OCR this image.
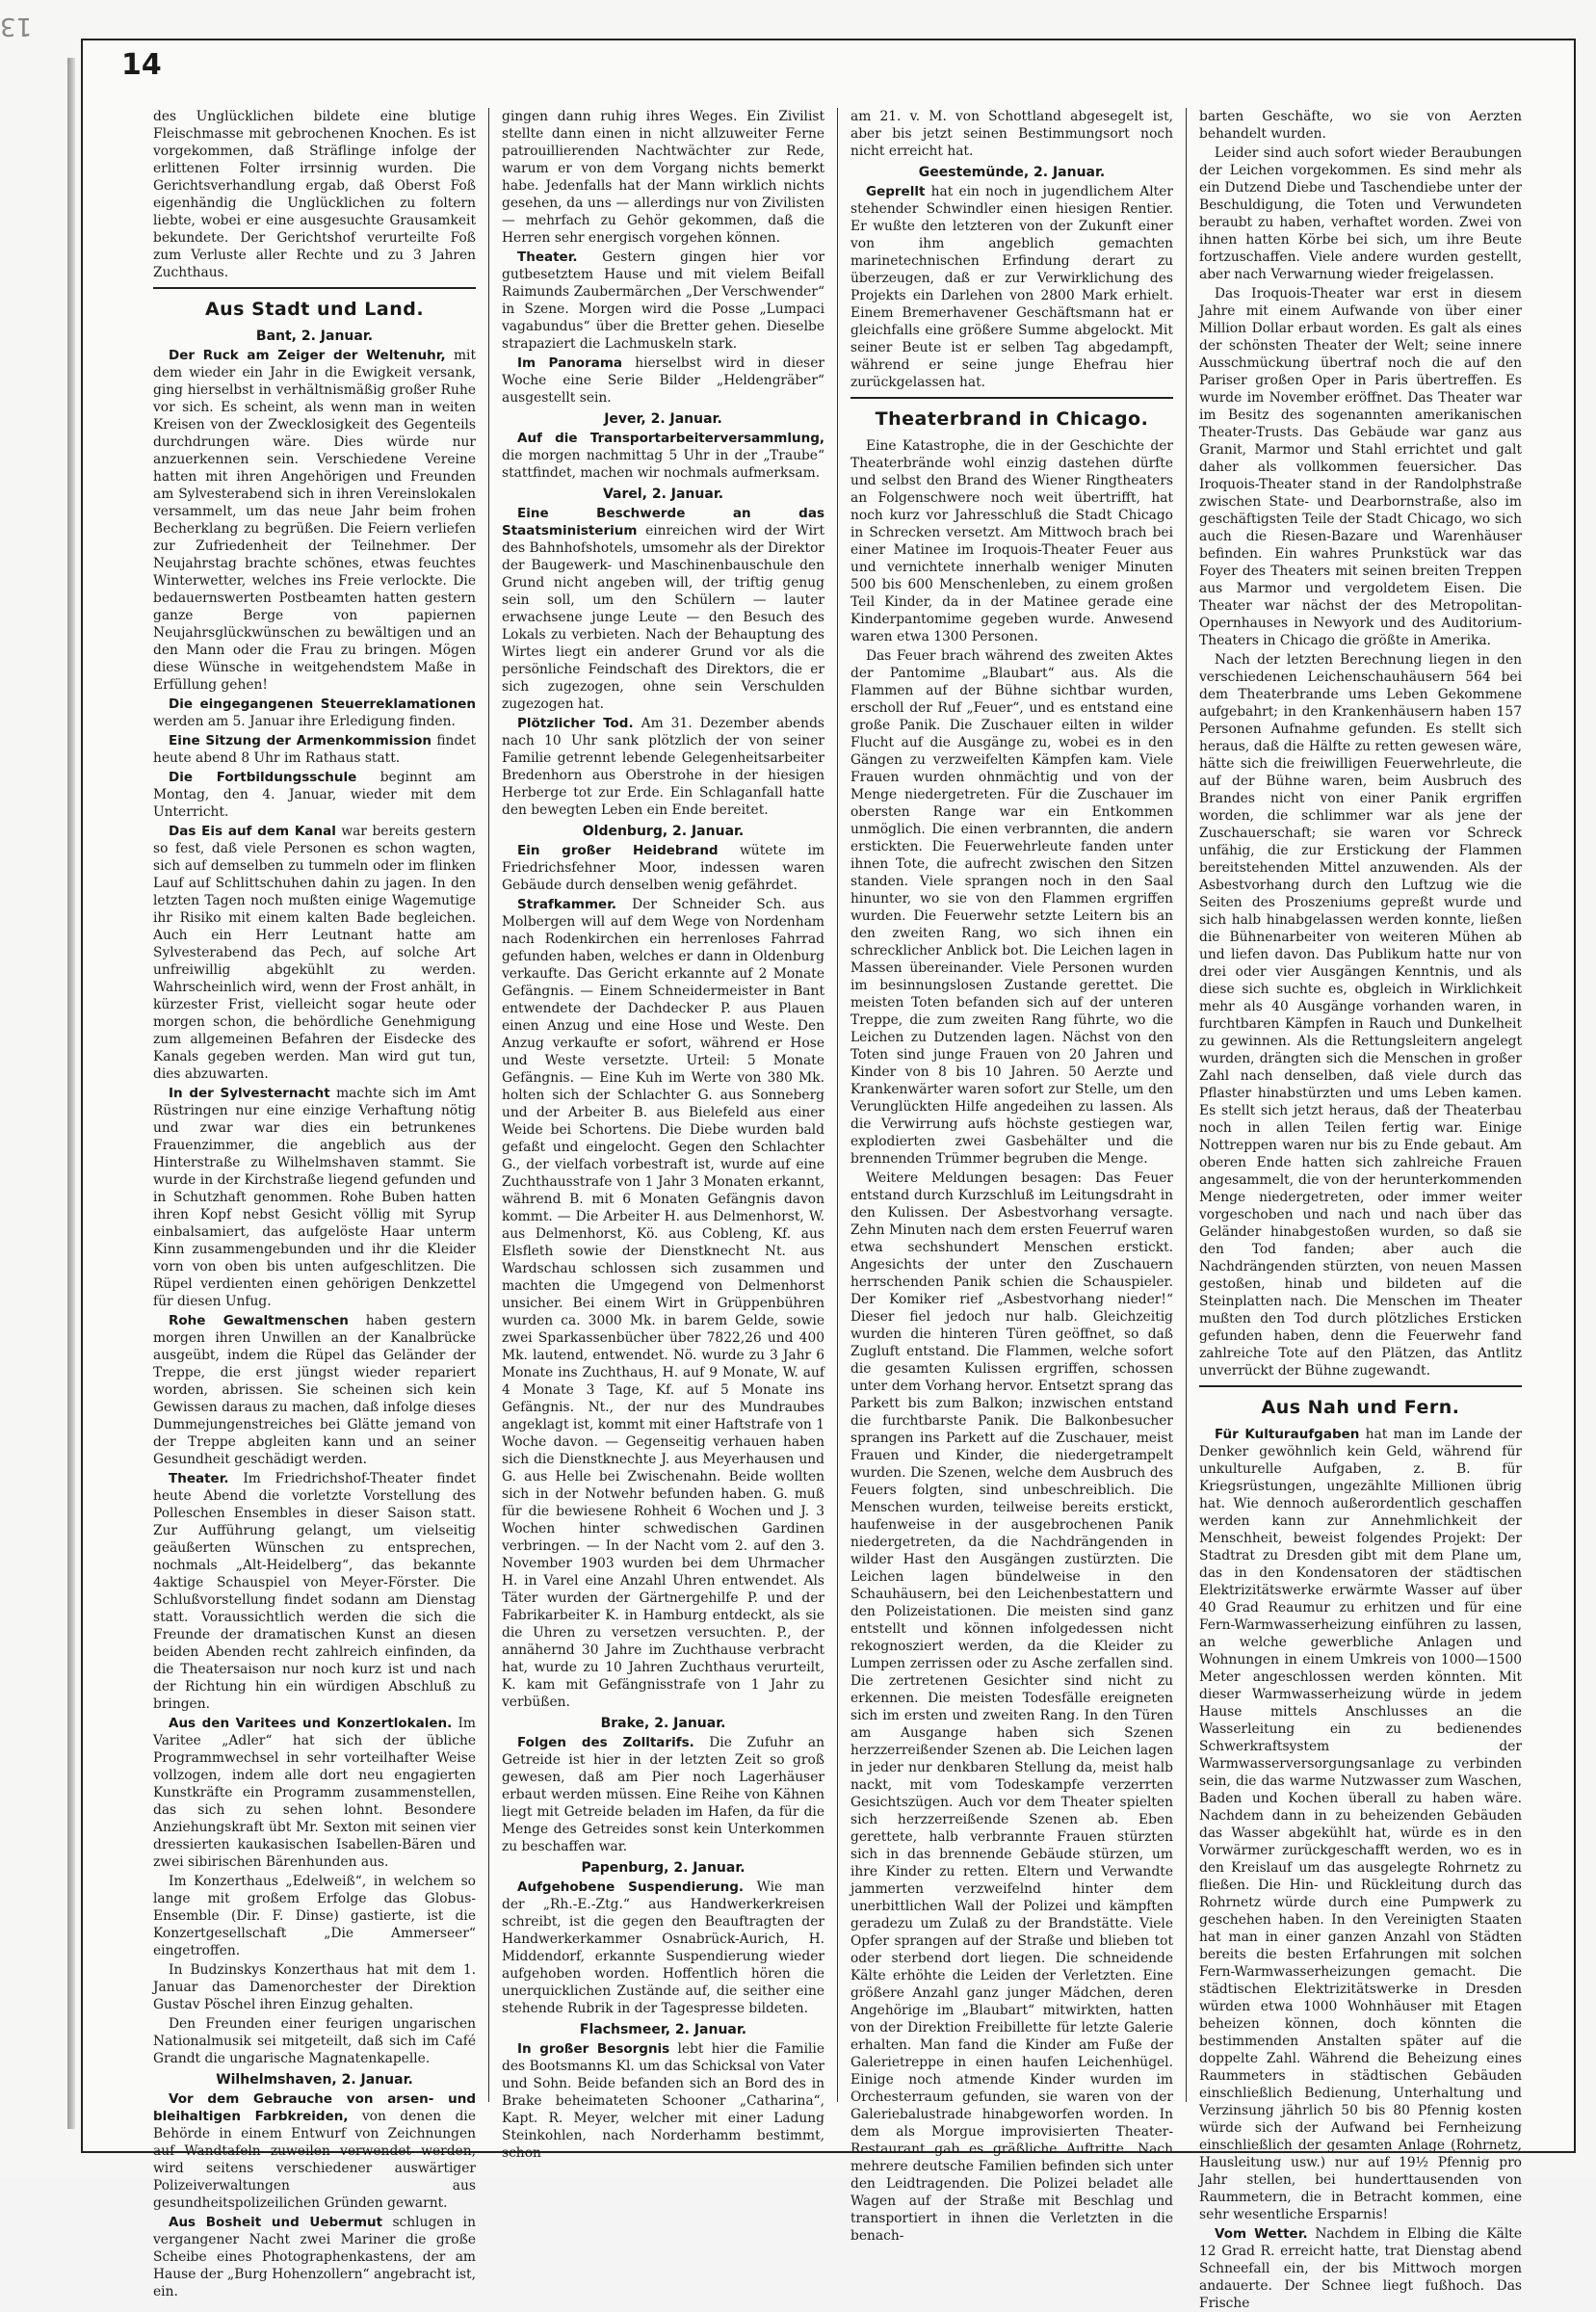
13
14

des Unglücklichen bildete eine blutige Fleischmasse mit gebrochenen Knochen. Es ist vorgekommen, daß Sträflinge infolge der erlittenen Folter irrsinnig wurden. Die Gerichtsverhandlung ergab, daß Oberst Foß eigenhändig die Unglücklichen zu foltern liebte, wobei er eine ausgesuchte Grausamkeit bekundete. Der Gerichtshof verurteilte Foß zum Verluste aller Rechte und zu 3 Jahren Zuchthaus.

Aus Stadt und Land.
Bant, 2. Januar.

Der Ruck am Zeiger der Weltenuhr, mit dem wieder ein Jahr in die Ewigkeit versank, ging hierselbst in verhältnismäßig großer Ruhe vor sich. Es scheint, als wenn man in weiten Kreisen von der Zwecklosigkeit des Gegenteils durchdrungen wäre. Dies würde nur anzuerkennen sein. Verschiedene Vereine hatten mit ihren Angehörigen und Freunden am Sylvesterabend sich in ihren Vereinslokalen versammelt, um das neue Jahr beim frohen Becherklang zu begrüßen. Die Feiern verliefen zur Zufriedenheit der Teilnehmer. Der Neujahrstag brachte schönes, etwas feuchtes Winterwetter, welches ins Freie verlockte. Die bedauernswerten Postbeamten hatten gestern ganze Berge von papiernen Neujahrsglückwünschen zu bewältigen und an den Mann oder die Frau zu bringen. Mögen diese Wünsche in weitgehendstem Maße in Erfüllung gehen!

Die eingegangenen Steuerreklamationen werden am 5. Januar ihre Erledigung finden.

Eine Sitzung der Armenkommission findet heute abend 8 Uhr im Rathaus statt.

Die Fortbildungsschule beginnt am Montag, den 4. Januar, wieder mit dem Unterricht.

Das Eis auf dem Kanal war bereits gestern so fest, daß viele Personen es schon wagten, sich auf demselben zu tummeln oder im flinken Lauf auf Schlittschuhen dahin zu jagen. In den letzten Tagen noch mußten einige Wagemutige ihr Risiko mit einem kalten Bade begleichen. Auch ein Herr Leutnant hatte am Sylvesterabend das Pech, auf solche Art unfreiwillig abgekühlt zu werden. Wahrscheinlich wird, wenn der Frost anhält, in kürzester Frist, vielleicht sogar heute oder morgen schon, die behördliche Genehmigung zum allgemeinen Befahren der Eisdecke des Kanals gegeben werden. Man wird gut tun, dies abzuwarten.

In der Sylvesternacht machte sich im Amt Rüstringen nur eine einzige Verhaftung nötig und zwar war dies ein betrunkenes Frauenzimmer, die angeblich aus der Hinterstraße zu Wilhelmshaven stammt. Sie wurde in der Kirchstraße liegend gefunden und in Schutzhaft genommen. Rohe Buben hatten ihren Kopf nebst Gesicht völlig mit Syrup einbalsamiert, das aufgelöste Haar unterm Kinn zusammengebunden und ihr die Kleider vorn von oben bis unten aufgeschlitzen. Die Rüpel verdienten einen gehörigen Denkzettel für diesen Unfug.

Rohe Gewaltmenschen haben gestern morgen ihren Unwillen an der Kanalbrücke ausgeübt, indem die Rüpel das Geländer der Treppe, die erst jüngst wieder repariert worden, abrissen. Sie scheinen sich kein Gewissen daraus zu machen, daß infolge dieses Dummejungenstreiches bei Glätte jemand von der Treppe abgleiten kann und an seiner Gesundheit geschädigt werden.

Theater. Im Friedrichshof-Theater findet heute Abend die vorletzte Vorstellung des Polleschen Ensembles in dieser Saison statt. Zur Aufführung gelangt, um vielseitig geäußerten Wünschen zu entsprechen, nochmals „Alt-Heidelberg“, das bekannte 4aktige Schauspiel von Meyer-Förster. Die Schlußvorstellung findet sodann am Dienstag statt. Voraussichtlich werden die sich die Freunde der dramatischen Kunst an diesen beiden Abenden recht zahlreich einfinden, da die Theatersaison nur noch kurz ist und nach der Richtung hin ein würdigen Abschluß zu bringen.

Aus den Varitees und Konzertlokalen. Im Varitee „Adler“ hat sich der übliche Programmwechsel in sehr vorteilhafter Weise vollzogen, indem alle dort neu engagierten Kunstkräfte ein Programm zusammenstellen, das sich zu sehen lohnt. Besondere Anziehungskraft übt Mr. Sexton mit seinen vier dressierten kaukasischen Isabellen-Bären und zwei sibirischen Bärenhunden aus.

Im Konzerthaus „Edelweiß“, in welchem so lange mit großem Erfolge das Globus-Ensemble (Dir. F. Dinse) gastierte, ist die Konzertgesellschaft „Die Ammerseer“ eingetroffen.

In Budzinskys Konzerthaus hat mit dem 1. Januar das Damenorchester der Direktion Gustav Pöschel ihren Einzug gehalten.

Den Freunden einer feurigen ungarischen Nationalmusik sei mitgeteilt, daß sich im Café Grandt die ungarische Magnatenkapelle.

Wilhelmshaven, 2. Januar.

Vor dem Gebrauche von arsen- und bleihaltigen Farbkreiden, von denen die Behörde in einem Entwurf von Zeichnungen auf Wandtafeln zuweilen verwendet werden, wird seitens verschiedener auswärtiger Polizeiverwaltungen aus gesundheitspolizeilichen Gründen gewarnt.

Aus Bosheit und Uebermut schlugen in vergangener Nacht zwei Mariner die große Scheibe eines Photographenkastens, der am Hause der „Burg Hohenzollern“ angebracht ist, ein.

gingen dann ruhig ihres Weges. Ein Zivilist stellte dann einen in nicht allzuweiter Ferne patrouillierenden Nachtwächter zur Rede, warum er von dem Vorgang nichts bemerkt habe. Jedenfalls hat der Mann wirklich nichts gesehen, da uns — allerdings nur von Zivilisten — mehrfach zu Gehör gekommen, daß die Herren sehr energisch vorgehen können.

Theater. Gestern gingen hier vor gutbesetztem Hause und mit vielem Beifall Raimunds Zaubermärchen „Der Verschwender“ in Szene. Morgen wird die Posse „Lumpaci vagabundus“ über die Bretter gehen. Dieselbe strapaziert die Lachmuskeln stark.

Im Panorama hierselbst wird in dieser Woche eine Serie Bilder „Heldengräber“ ausgestellt sein.

Jever, 2. Januar.

Auf die Transportarbeiterversammlung, die morgen nachmittag 5 Uhr in der „Traube“ stattfindet, machen wir nochmals aufmerksam.

Varel, 2. Januar.

Eine Beschwerde an das Staatsministerium einreichen wird der Wirt des Bahnhofshotels, umsomehr als der Direktor der Baugewerk- und Maschinenbauschule den Grund nicht angeben will, der triftig genug sein soll, um den Schülern — lauter erwachsene junge Leute — den Besuch des Lokals zu verbieten. Nach der Behauptung des Wirtes liegt ein anderer Grund vor als die persönliche Feindschaft des Direktors, die er sich zugezogen, ohne sein Verschulden zugezogen hat.

Plötzlicher Tod. Am 31. Dezember abends nach 10 Uhr sank plötzlich der von seiner Familie getrennt lebende Gelegenheitsarbeiter Bredenhorn aus Oberstrohe in der hiesigen Herberge tot zur Erde. Ein Schlaganfall hatte den bewegten Leben ein Ende bereitet.

Oldenburg, 2. Januar.

Ein großer Heidebrand wütete im Friedrichsfehner Moor, indessen waren Gebäude durch denselben wenig gefährdet.

Strafkammer. Der Schneider Sch. aus Molbergen will auf dem Wege von Nordenham nach Rodenkirchen ein herrenloses Fahrrad gefunden haben, welches er dann in Oldenburg verkaufte. Das Gericht erkannte auf 2 Monate Gefängnis. — Einem Schneidermeister in Bant entwendete der Dachdecker P. aus Plauen einen Anzug und eine Hose und Weste. Den Anzug verkaufte er sofort, während er Hose und Weste versetzte. Urteil: 5 Monate Gefängnis. — Eine Kuh im Werte von 380 Mk. holten sich der Schlachter G. aus Sonneberg und der Arbeiter B. aus Bielefeld aus einer Weide bei Schortens. Die Diebe wurden bald gefaßt und eingelocht. Gegen den Schlachter G., der vielfach vorbestraft ist, wurde auf eine Zuchthausstrafe von 1 Jahr 3 Monaten erkannt, während B. mit 6 Monaten Gefängnis davon kommt. — Die Arbeiter H. aus Delmenhorst, W. aus Delmenhorst, Kö. aus Cobleng, Kf. aus Elsfleth sowie der Dienstknecht Nt. aus Wardschau schlossen sich zusammen und machten die Umgegend von Delmenhorst unsicher. Bei einem Wirt in Grüppenbühren wurden ca. 3000 Mk. in barem Gelde, sowie zwei Sparkassenbücher über 7822,26 und 400 Mk. lautend, entwendet. Nö. wurde zu 3 Jahr 6 Monate ins Zuchthaus, H. auf 9 Monate, W. auf 4 Monate 3 Tage, Kf. auf 5 Monate ins Gefängnis. Nt., der nur des Mundraubes angeklagt ist, kommt mit einer Haftstrafe von 1 Woche davon. — Gegenseitig verhauen haben sich die Dienstknechte J. aus Meyerhausen und G. aus Helle bei Zwischenahn. Beide wollten sich in der Notwehr befunden haben. G. muß für die bewiesene Rohheit 6 Wochen und J. 3 Wochen hinter schwedischen Gardinen verbringen. — In der Nacht vom 2. auf den 3. November 1903 wurden bei dem Uhrmacher H. in Varel eine Anzahl Uhren entwendet. Als Täter wurden der Gärtnergehilfe P. und der Fabrikarbeiter K. in Hamburg entdeckt, als sie die Uhren zu versetzen versuchten. P., der annähernd 30 Jahre im Zuchthause verbracht hat, wurde zu 10 Jahren Zuchthaus verurteilt, K. kam mit Gefängnisstrafe von 1 Jahr zu verbüßen.

Brake, 2. Januar.

Folgen des Zolltarifs. Die Zufuhr an Getreide ist hier in der letzten Zeit so groß gewesen, daß am Pier noch Lagerhäuser erbaut werden müssen. Eine Reihe von Kähnen liegt mit Getreide beladen im Hafen, da für die Menge des Getreides sonst kein Unterkommen zu beschaffen war.

Papenburg, 2. Januar.

Aufgehobene Suspendierung. Wie man der „Rh.-E.-Ztg.“ aus Handwerkerkreisen schreibt, ist die gegen den Beauftragten der Handwerkerkammer Osnabrück-Aurich, H. Middendorf, erkannte Suspendierung wieder aufgehoben worden. Hoffentlich hören die unerquicklichen Zustände auf, die seither eine stehende Rubrik in der Tagespresse bildeten.

Flachsmeer, 2. Januar.

In großer Besorgnis lebt hier die Familie des Bootsmanns Kl. um das Schicksal von Vater und Sohn. Beide befanden sich an Bord des in Brake beheimateten Schooner „Catharina“, Kapt. R. Meyer, welcher mit einer Ladung Steinkohlen, nach Norderhamm bestimmt, schon

am 21. v. M. von Schottland abgesegelt ist, aber bis jetzt seinen Bestimmungsort noch nicht erreicht hat.

Geestemünde, 2. Januar.

Geprellt hat ein noch in jugendlichem Alter stehender Schwindler einen hiesigen Rentier. Er wußte den letzteren von der Zukunft einer von ihm angeblich gemachten marinetechnischen Erfindung derart zu überzeugen, daß er zur Verwirklichung des Projekts ein Darlehen von 2800 Mark erhielt. Einem Bremerhavener Geschäftsmann hat er gleichfalls eine größere Summe abgelockt. Mit seiner Beute ist er selben Tag abgedampft, während er seine junge Ehefrau hier zurückgelassen hat.

Theaterbrand in Chicago.

Eine Katastrophe, die in der Geschichte der Theaterbrände wohl einzig dastehen dürfte und selbst den Brand des Wiener Ringtheaters an Folgenschwere noch weit übertrifft, hat noch kurz vor Jahresschluß die Stadt Chicago in Schrecken versetzt. Am Mittwoch brach bei einer Matinee im Iroquois-Theater Feuer aus und vernichtete innerhalb weniger Minuten 500 bis 600 Menschenleben, zu einem großen Teil Kinder, da in der Matinee gerade eine Kinderpantomime gegeben wurde. Anwesend waren etwa 1300 Personen.

Das Feuer brach während des zweiten Aktes der Pantomime „Blaubart“ aus. Als die Flammen auf der Bühne sichtbar wurden, erscholl der Ruf „Feuer“, und es entstand eine große Panik. Die Zuschauer eilten in wilder Flucht auf die Ausgänge zu, wobei es in den Gängen zu verzweifelten Kämpfen kam. Viele Frauen wurden ohnmächtig und von der Menge niedergetreten. Für die Zuschauer im obersten Range war ein Entkommen unmöglich. Die einen verbrannten, die andern erstickten. Die Feuerwehrleute fanden unter ihnen Tote, die aufrecht zwischen den Sitzen standen. Viele sprangen noch in den Saal hinunter, wo sie von den Flammen ergriffen wurden. Die Feuerwehr setzte Leitern bis an den zweiten Rang, wo sich ihnen ein schrecklicher Anblick bot. Die Leichen lagen in Massen übereinander. Viele Personen wurden im besinnungslosen Zustande gerettet. Die meisten Toten befanden sich auf der unteren Treppe, die zum zweiten Rang führte, wo die Leichen zu Dutzenden lagen. Nächst von den Toten sind junge Frauen von 20 Jahren und Kinder von 8 bis 10 Jahren. 50 Aerzte und Krankenwärter waren sofort zur Stelle, um den Verunglückten Hilfe angedeihen zu lassen. Als die Verwirrung aufs höchste gestiegen war, explodierten zwei Gasbehälter und die brennenden Trümmer begruben die Menge.

Weitere Meldungen besagen: Das Feuer entstand durch Kurzschluß im Leitungsdraht in den Kulissen. Der Asbestvorhang versagte. Zehn Minuten nach dem ersten Feuerruf waren etwa sechshundert Menschen erstickt. Angesichts der unter den Zuschauern herrschenden Panik schien die Schauspieler. Der Komiker rief „Asbestvorhang nieder!“ Dieser fiel jedoch nur halb. Gleichzeitig wurden die hinteren Türen geöffnet, so daß Zugluft entstand. Die Flammen, welche sofort die gesamten Kulissen ergriffen, schossen unter dem Vorhang hervor. Entsetzt sprang das Parkett bis zum Balkon; inzwischen entstand die furchtbarste Panik. Die Balkonbesucher sprangen ins Parkett auf die Zuschauer, meist Frauen und Kinder, die niedergetrampelt wurden. Die Szenen, welche dem Ausbruch des Feuers folgten, sind unbeschreiblich. Die Menschen wurden, teilweise bereits erstickt, haufenweise in der ausgebrochenen Panik niedergetreten, da die Nachdrängenden in wilder Hast den Ausgängen zustürzten. Die Leichen lagen bündelweise in den Schauhäusern, bei den Leichenbestattern und den Polizeistationen. Die meisten sind ganz entstellt und können infolgedessen nicht rekognosziert werden, da die Kleider zu Lumpen zerrissen oder zu Asche zerfallen sind. Die zertretenen Gesichter sind nicht zu erkennen. Die meisten Todesfälle ereigneten sich im ersten und zweiten Rang. In den Türen am Ausgange haben sich Szenen herzzerreißender Szenen ab. Die Leichen lagen in jeder nur denkbaren Stellung da, meist halb nackt, mit vom Todeskampfe verzerrten Gesichtszügen. Auch vor dem Theater spielten sich herzzerreißende Szenen ab. Eben gerettete, halb verbrannte Frauen stürzten sich in das brennende Gebäude stürzen, um ihre Kinder zu retten. Eltern und Verwandte jammerten verzweifelnd hinter dem unerbittlichen Wall der Polizei und kämpften geradezu um Zulaß zu der Brandstätte. Viele Opfer sprangen auf der Straße und blieben tot oder sterbend dort liegen. Die schneidende Kälte erhöhte die Leiden der Verletzten. Eine größere Anzahl ganz junger Mädchen, deren Angehörige im „Blaubart“ mitwirkten, hatten von der Direktion Freibillette für letzte Galerie erhalten. Man fand die Kinder am Fuße der Galerietreppe in einen haufen Leichenhügel. Einige noch atmende Kinder wurden im Orchesterraum gefunden, sie waren von der Galeriebalustrade hinabgeworfen worden. In dem als Morgue improvisierten Theater-Restaurant gab es gräßliche Auftritte. Nach mehrere deutsche Familien befinden sich unter den Leidtragenden. Die Polizei beladet alle Wagen auf der Straße mit Beschlag und transportiert in ihnen die Verletzten in die benach-

barten Geschäfte, wo sie von Aerzten behandelt wurden.

Leider sind auch sofort wieder Beraubungen der Leichen vorgekommen. Es sind mehr als ein Dutzend Diebe und Taschendiebe unter der Beschuldigung, die Toten und Verwundeten beraubt zu haben, verhaftet worden. Zwei von ihnen hatten Körbe bei sich, um ihre Beute fortzuschaffen. Viele andere wurden gestellt, aber nach Verwarnung wieder freigelassen.

Das Iroquois-Theater war erst in diesem Jahre mit einem Aufwande von über einer Million Dollar erbaut worden. Es galt als eines der schönsten Theater der Welt; seine innere Ausschmückung übertraf noch die auf den Pariser großen Oper in Paris übertreffen. Es wurde im November eröffnet. Das Theater war im Besitz des sogenannten amerikanischen Theater-Trusts. Das Gebäude war ganz aus Granit, Marmor und Stahl errichtet und galt daher als vollkommen feuersicher. Das Iroquois-Theater stand in der Randolphstraße zwischen State- und Dearbornstraße, also im geschäftigsten Teile der Stadt Chicago, wo sich auch die Riesen-Bazare und Warenhäuser befinden. Ein wahres Prunkstück war das Foyer des Theaters mit seinen breiten Treppen aus Marmor und vergoldetem Eisen. Die Theater war nächst der des Metropolitan-Opernhauses in Newyork und des Auditorium-Theaters in Chicago die größte in Amerika.

Nach der letzten Berechnung liegen in den verschiedenen Leichenschauhäusern 564 bei dem Theaterbrande ums Leben Gekommene aufgebahrt; in den Krankenhäusern haben 157 Personen Aufnahme gefunden. Es stellt sich heraus, daß die Hälfte zu retten gewesen wäre, hätte sich die freiwilligen Feuerwehrleute, die auf der Bühne waren, beim Ausbruch des Brandes nicht von einer Panik ergriffen worden, die schlimmer war als jene der Zuschauerschaft; sie waren vor Schreck unfähig, die zur Erstickung der Flammen bereitstehenden Mittel anzuwenden. Als der Asbestvorhang durch den Luftzug wie die Seiten des Proszeniums gepreßt wurde und sich halb hinabgelassen werden konnte, ließen die Bühnenarbeiter von weiteren Mühen ab und liefen davon. Das Publikum hatte nur von drei oder vier Ausgängen Kenntnis, und als diese sich suchte es, obgleich in Wirklichkeit mehr als 40 Ausgänge vorhanden waren, in furchtbaren Kämpfen in Rauch und Dunkelheit zu gewinnen. Als die Rettungsleitern angelegt wurden, drängten sich die Menschen in großer Zahl nach denselben, daß viele durch das Pflaster hinabstürzten und ums Leben kamen. Es stellt sich jetzt heraus, daß der Theaterbau noch in allen Teilen fertig war. Einige Nottreppen waren nur bis zu Ende gebaut. Am oberen Ende hatten sich zahlreiche Frauen angesammelt, die von der herunterkommenden Menge niedergetreten, oder immer weiter vorgeschoben und nach und nach über das Geländer hinabgestoßen wurden, so daß sie den Tod fanden; aber auch die Nachdrängenden stürzten, von neuen Massen gestoßen, hinab und bildeten auf die Steinplatten nach. Die Menschen im Theater mußten den Tod durch plötzliches Ersticken gefunden haben, denn die Feuerwehr fand zahlreiche Tote auf den Plätzen, das Antlitz unverrückt der Bühne zugewandt.

Aus Nah und Fern.

Für Kulturaufgaben hat man im Lande der Denker gewöhnlich kein Geld, während für unkulturelle Aufgaben, z. B. für Kriegsrüstungen, ungezählte Millionen übrig hat. Wie dennoch außerordentlich geschaffen werden kann zur Annehmlichkeit der Menschheit, beweist folgendes Projekt: Der Stadtrat zu Dresden gibt mit dem Plane um, das in den Kondensatoren der städtischen Elektrizitätswerke erwärmte Wasser auf über 40 Grad Reaumur zu erhitzen und für eine Fern-Warmwasserheizung einführen zu lassen, an welche gewerbliche Anlagen und Wohnungen in einem Umkreis von 1000—1500 Meter angeschlossen werden könnten. Mit dieser Warmwasserheizung würde in jedem Hause mittels Anschlusses an die Wasserleitung ein zu bedienendes Schwerkraftsystem der Warmwasserversorgungsanlage zu verbinden sein, die das warme Nutzwasser zum Waschen, Baden und Kochen überall zu haben wäre. Nachdem dann in zu beheizenden Gebäuden das Wasser abgekühlt hat, würde es in den Vorwärmer zurückgeschafft werden, wo es in den Kreislauf um das ausgelegte Rohrnetz zu fließen. Die Hin- und Rückleitung durch das Rohrnetz würde durch eine Pumpwerk zu geschehen haben. In den Vereinigten Staaten hat man in einer ganzen Anzahl von Städten bereits die besten Erfahrungen mit solchen Fern-Warmwasserheizungen gemacht. Die städtischen Elektrizitätswerke in Dresden würden etwa 1000 Wohnhäuser mit Etagen beheizen können, doch könnten die bestimmenden Anstalten später auf die doppelte Zahl. Während die Beheizung eines Raummeters in städtischen Gebäuden einschließlich Bedienung, Unterhaltung und Verzinsung jährlich 50 bis 80 Pfennig kosten würde sich der Aufwand bei Fernheizung einschließlich der gesamten Anlage (Rohrnetz, Hausleitung usw.) nur auf 19½ Pfennig pro Jahr stellen, bei hunderttausenden von Raummetern, die in Betracht kommen, eine sehr wesentliche Ersparnis!

Vom Wetter. Nachdem in Elbing die Kälte 12 Grad R. erreicht hatte, trat Dienstag abend Schneefall ein, der bis Mittwoch morgen andauerte. Der Schnee liegt fußhoch. Das Frische
